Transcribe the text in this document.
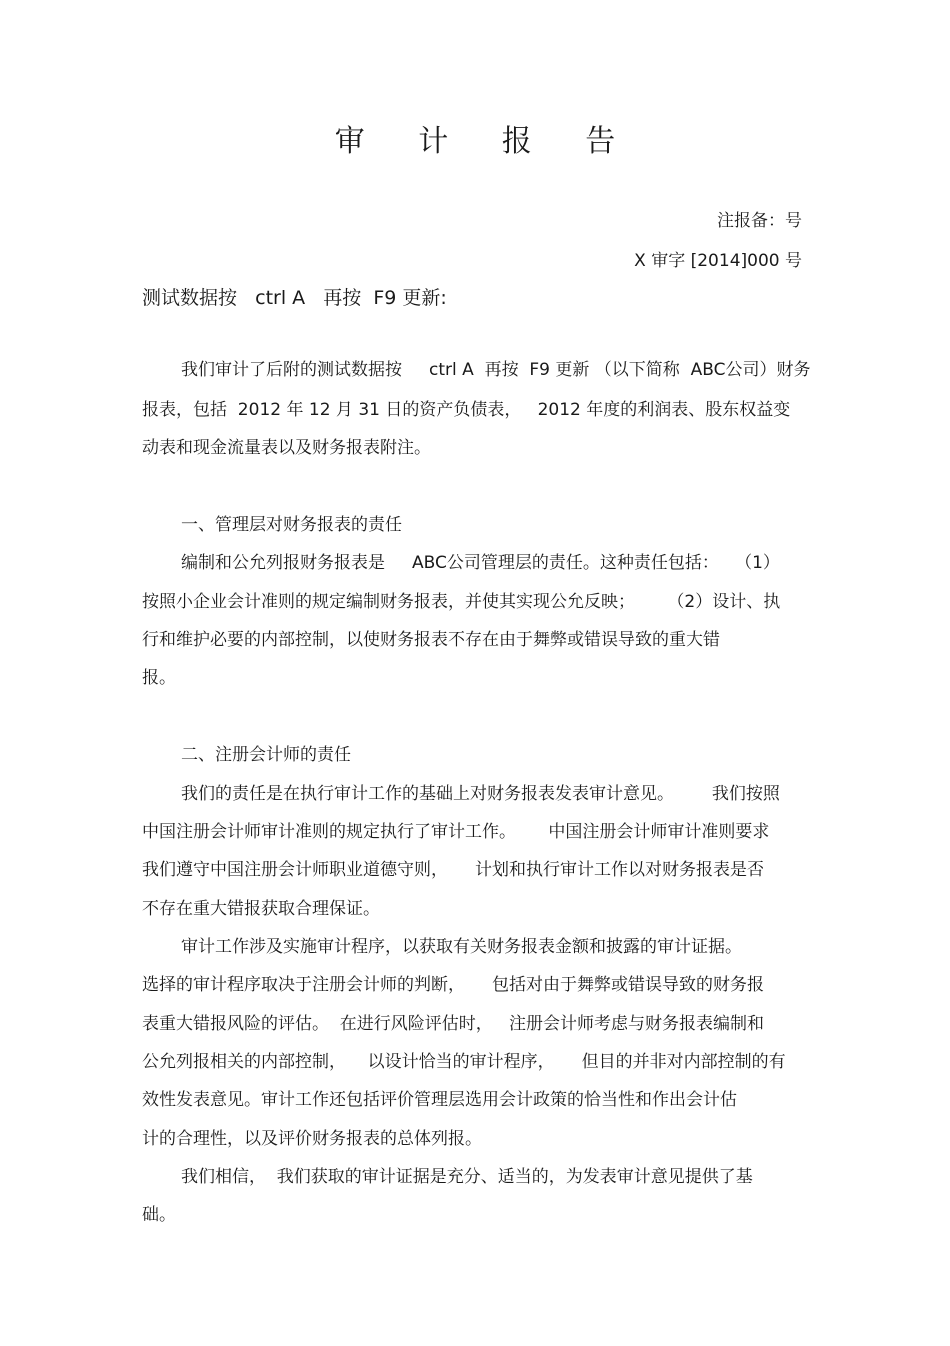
审 计 报 告
注报备：号
X 审字 [2014]000 号
测试数据按   ctrl A   再按  F9 更新:
我们审计了后附的测试数据按     ctrl A  再按  F9 更新 （以下简称  ABC公司）财务
报表，包括  2012 年 12 月 31 日的资产负债表，   2012 年度的利润表、股东权益变
动表和现金流量表以及财务报表附注。
一、管理层对财务报表的责任
编制和公允列报财务报表是     ABC公司管理层的责任。这种责任包括：   （1）
按照小企业会计准则的规定编制财务报表，并使其实现公允反映；      （2）设计、执
行和维护必要的内部控制，以使财务报表不存在由于舞弊或错误导致的重大错
报。
二、注册会计师的责任
我们的责任是在执行审计工作的基础上对财务报表发表审计意见。       我们按照
中国注册会计师审计准则的规定执行了审计工作。      中国注册会计师审计准则要求
我们遵守中国注册会计师职业道德守则，     计划和执行审计工作以对财务报表是否
不存在重大错报获取合理保证。
审计工作涉及实施审计程序，以获取有关财务报表金额和披露的审计证据。
选择的审计程序取决于注册会计师的判断，     包括对由于舞弊或错误导致的财务报
表重大错报风险的评估。  在进行风险评估时，   注册会计师考虑与财务报表编制和
公允列报相关的内部控制，    以设计恰当的审计程序，     但目的并非对内部控制的有
效性发表意见。审计工作还包括评价管理层选用会计政策的恰当性和作出会计估
计的合理性，以及评价财务报表的总体列报。
我们相信，  我们获取的审计证据是充分、适当的，为发表审计意见提供了基
础。
